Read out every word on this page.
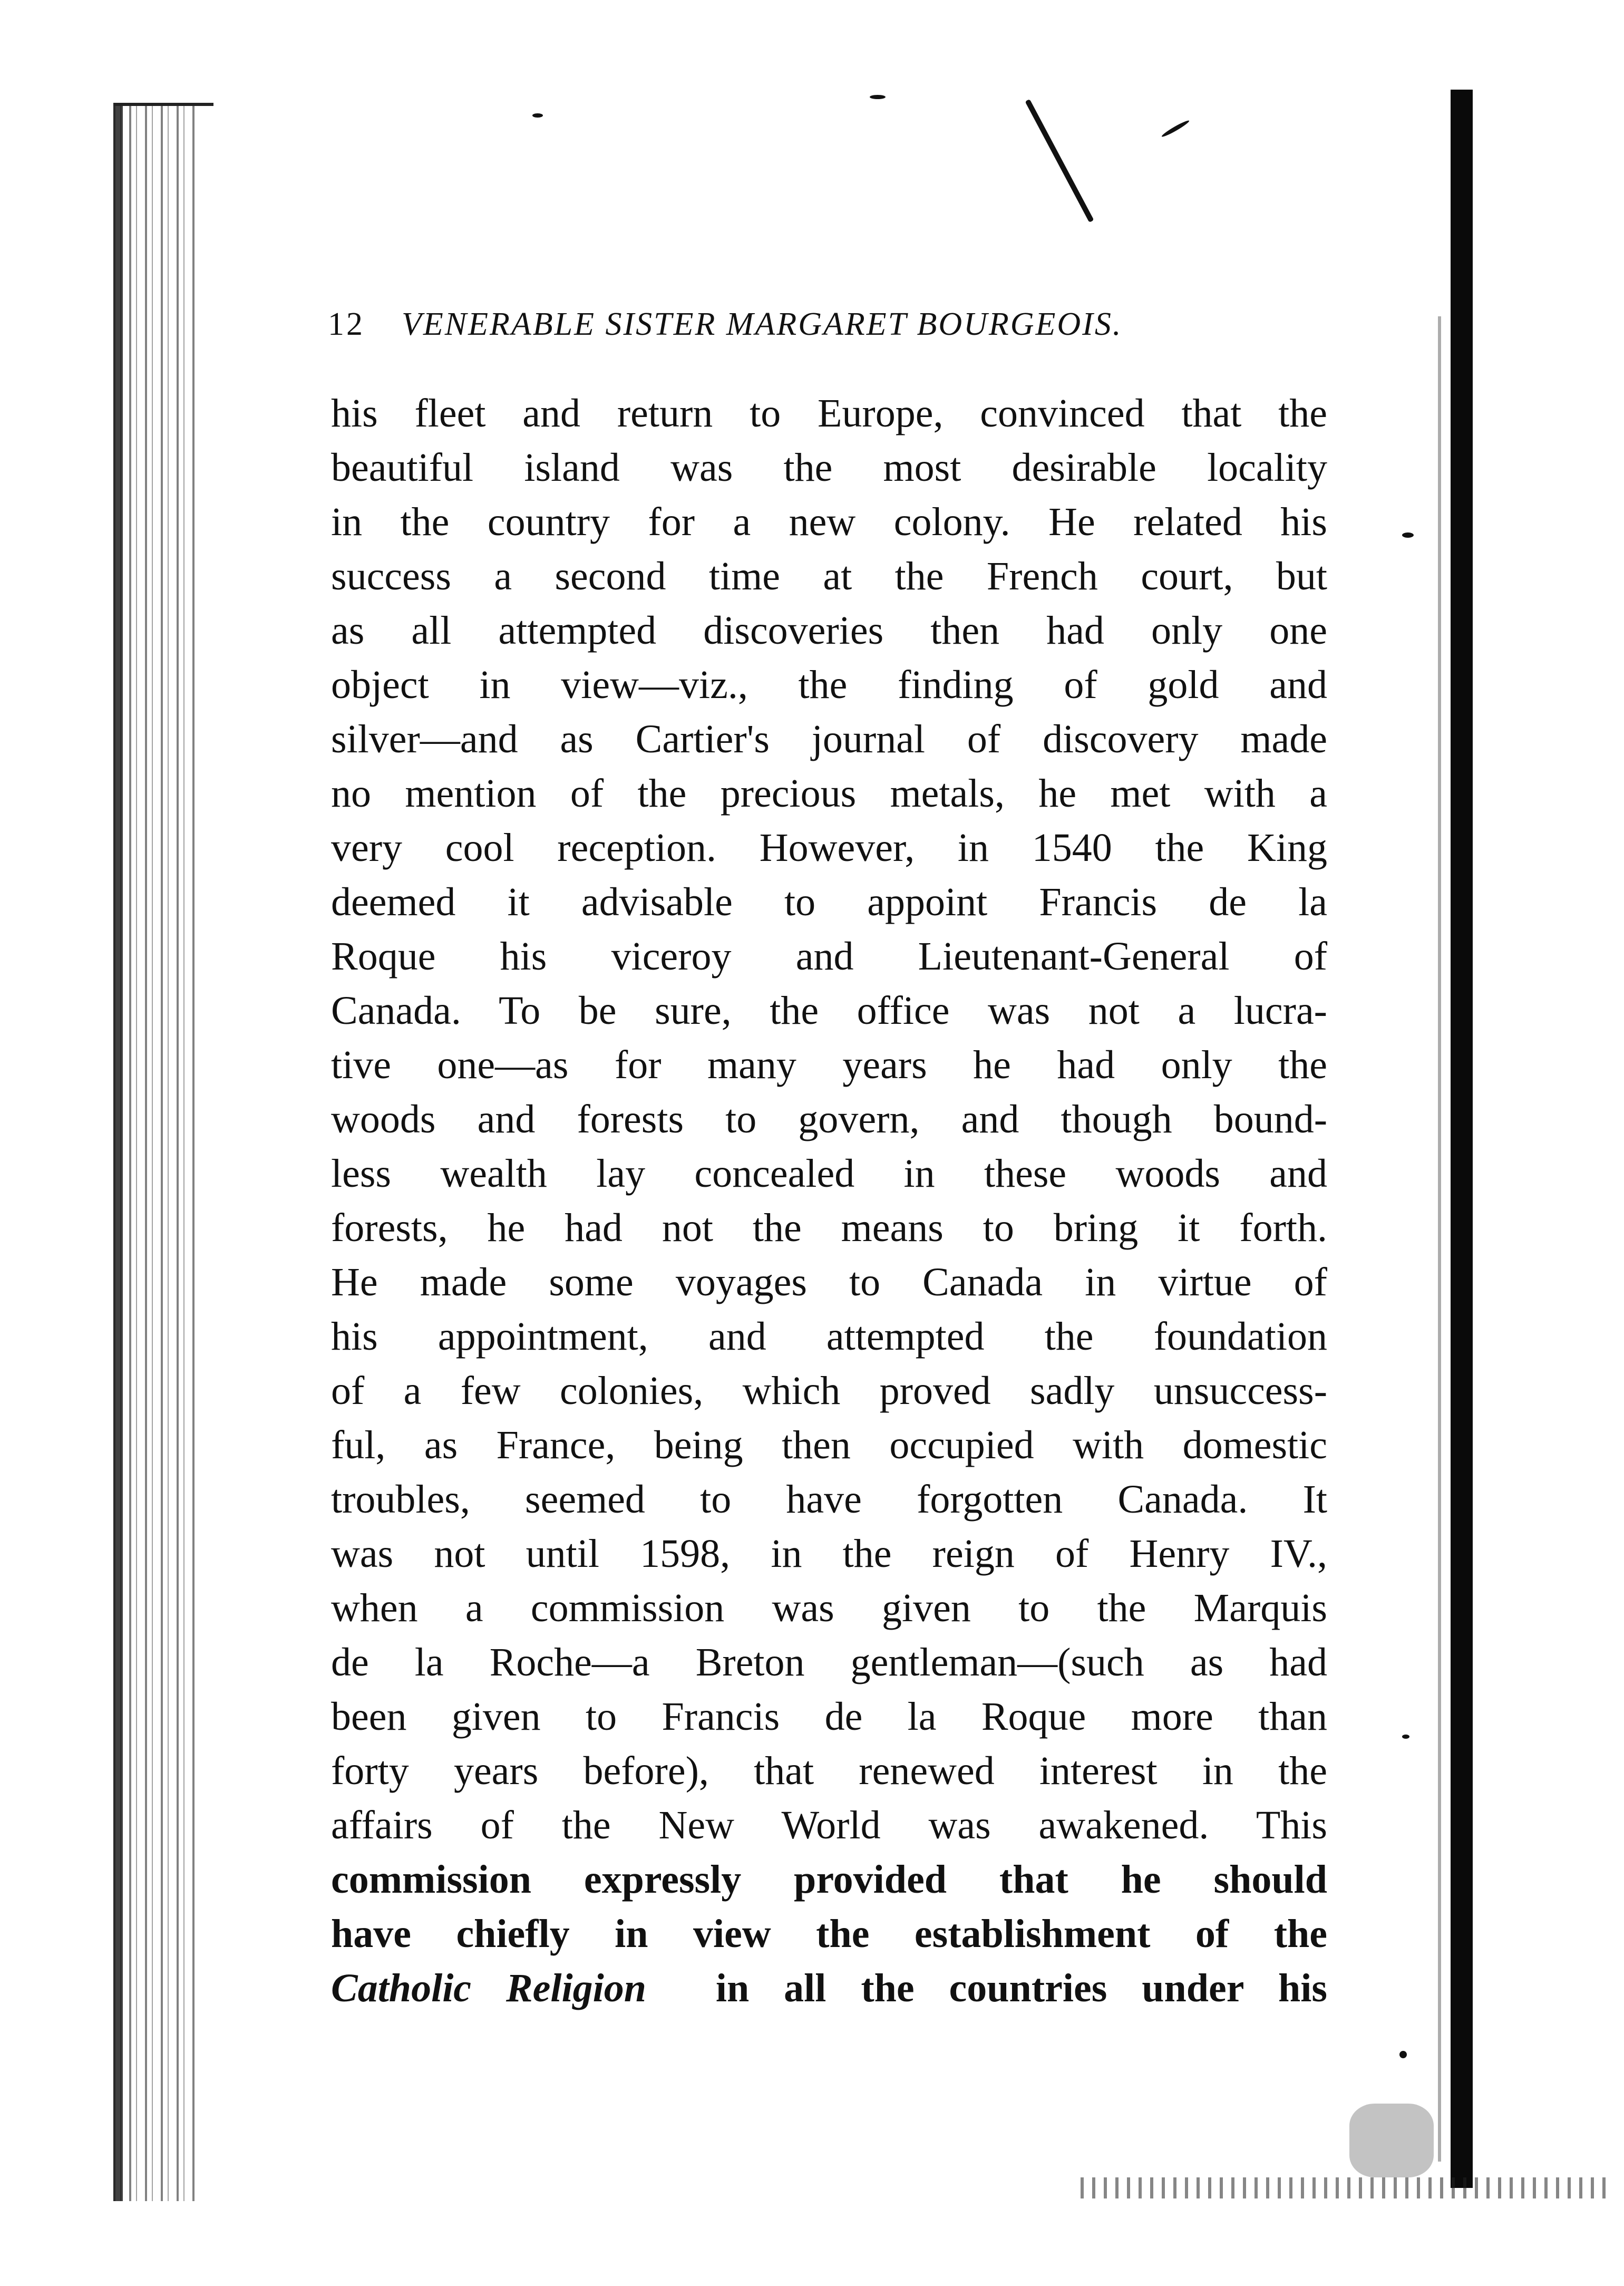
12 VENERABLE SISTER MARGARET BOURGEOIS.
his fleet and return to Europe, convinced that the
beautiful island was the most desirable locality
in the country for a new colony. He related his
success a second time at the French court, but
as all attempted discoveries then had only one
object in view—viz., the finding of gold and
silver—and as Cartier's journal of discovery made
no mention of the precious metals, he met with a
very cool reception. However, in 1540 the King
deemed it advisable to appoint Francis de la
Roque his viceroy and Lieutenant-General of
Canada. To be sure, the office was not a lucra-
tive one—as for many years he had only the
woods and forests to govern, and though bound-
less wealth lay concealed in these woods and
forests, he had not the means to bring it forth.
He made some voyages to Canada in virtue of
his appointment, and attempted the foundation
of a few colonies, which proved sadly unsuccess-
ful, as France, being then occupied with domestic
troubles, seemed to have forgotten Canada. It
was not until 1598, in the reign of Henry IV.,
when a commission was given to the Marquis
de la Roche—a Breton gentleman—(such as had
been given to Francis de la Roque more than
forty years before), that renewed interest in the
affairs of the New World was awakened. This
commission expressly provided that he should
have chiefly in view the establishment of the
Catholic Religion in all the countries under his
